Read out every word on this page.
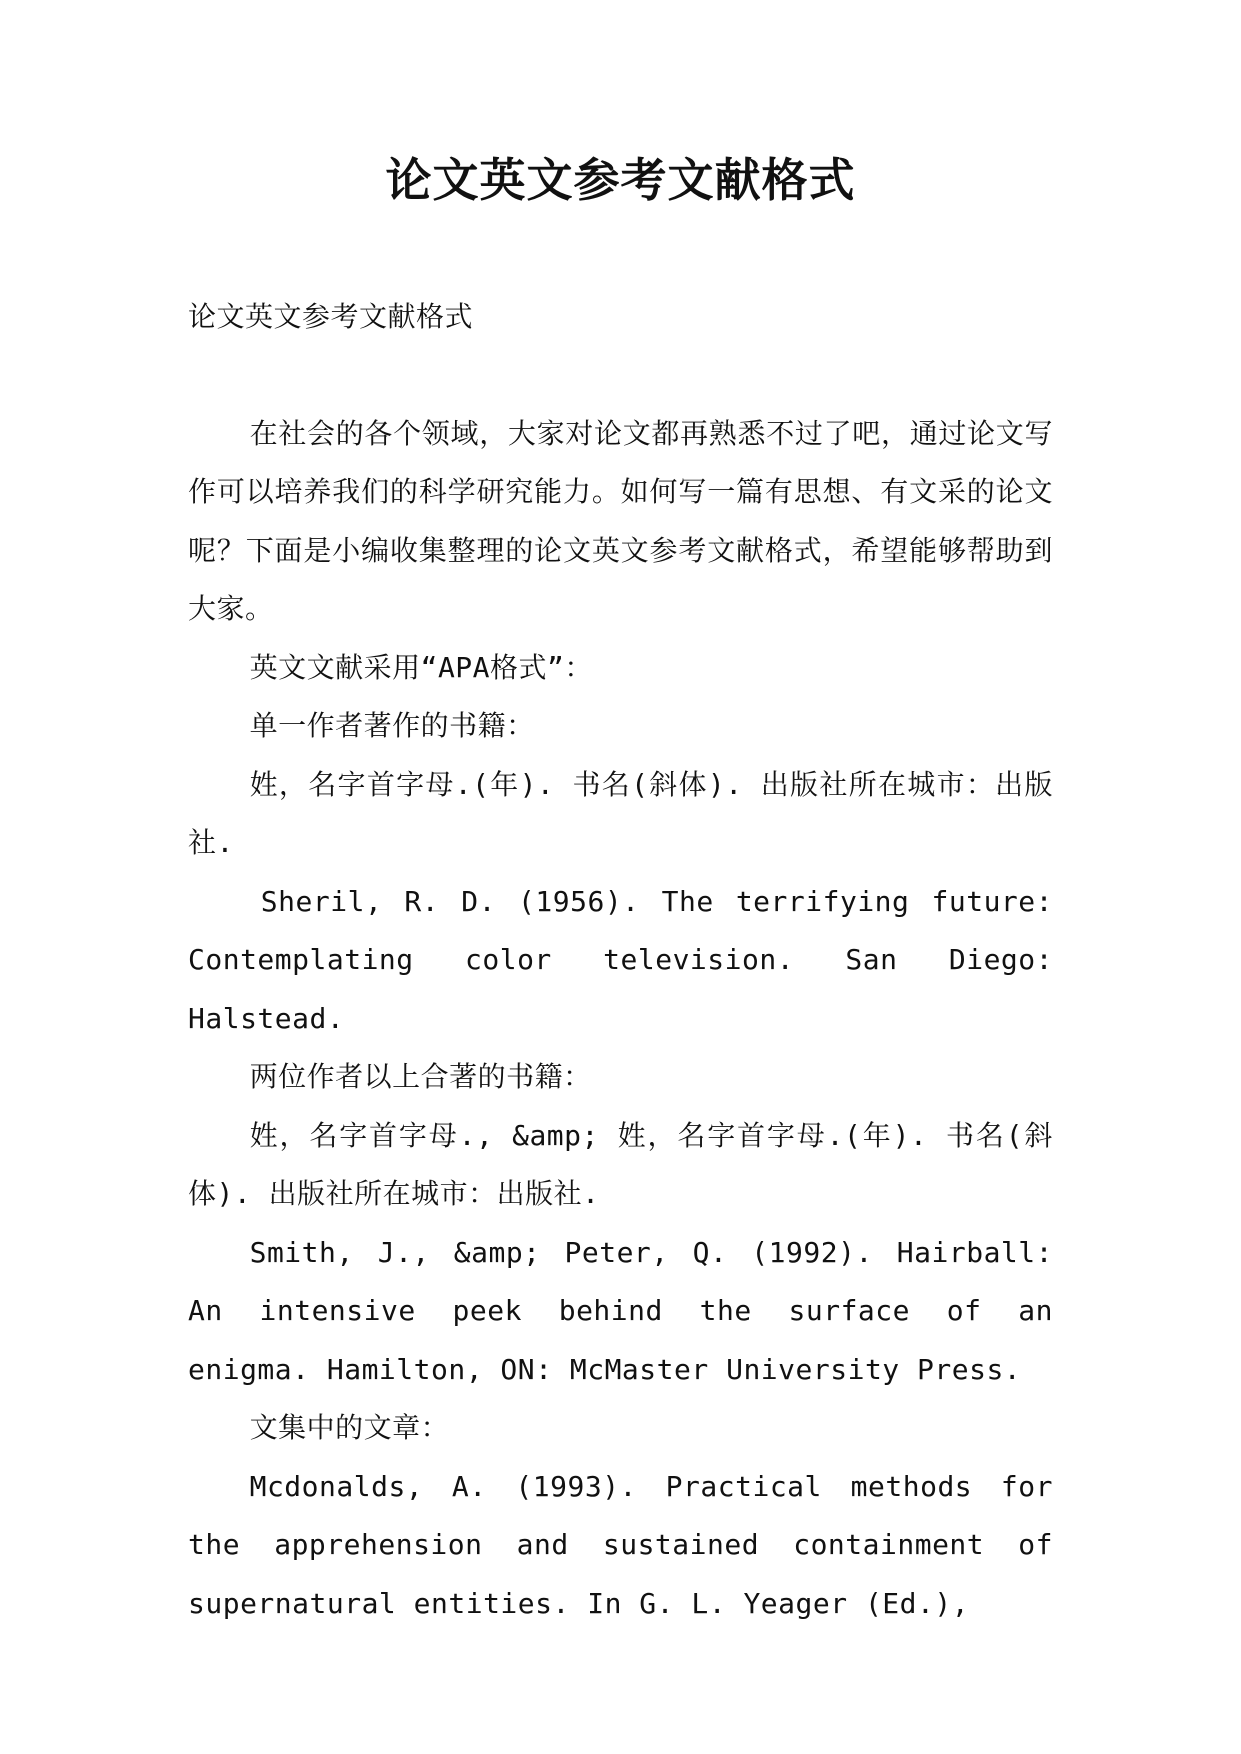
论文英文参考文献格式

论文英文参考文献格式

在社会的各个领域，大家对论文都再熟悉不过了吧，通过论文写作可以培养我们的科学研究能力。如何写一篇有思想、有文采的论文呢？下面是小编收集整理的论文英文参考文献格式，希望能够帮助到大家。

英文文献采用“APA格式”：

单一作者著作的书籍：

姓，名字首字母.(年). 书名(斜体). 出版社所在城市：出版社.

Sheril, R. D. (1956). The terrifying future: Contemplating color television. San Diego: Halstead.

两位作者以上合著的书籍：

姓，名字首字母., &amp; 姓，名字首字母.(年). 书名(斜体). 出版社所在城市：出版社.

Smith, J., &amp; Peter, Q. (1992). Hairball: An intensive peek behind the surface of an enigma. Hamilton, ON: McMaster University Press.

文集中的文章：

Mcdonalds, A. (1993). Practical methods for the apprehension and sustained containment of supernatural entities. In G. L. Yeager (Ed.),
